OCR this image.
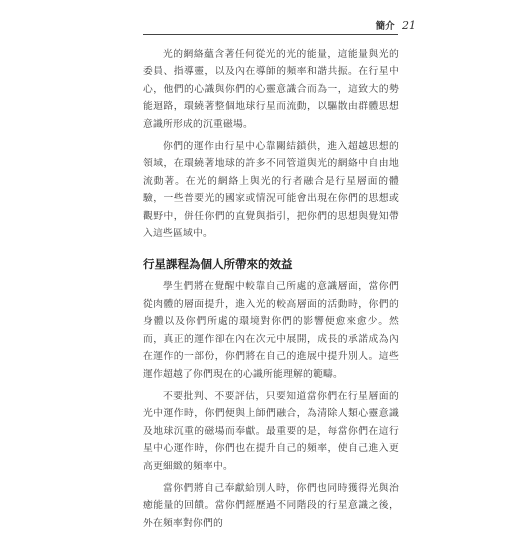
簡介 21

光的網絡蘊含著任何從光的光的能量，這能量與光的委員、指導靈，以及內在導師的頻率和諧共振。在行星中心，他們的心識與你們的心靈意識合而為一，這致大的勢能迴路，環繞著整個地球行星而流動，以驅散由群體思想意識所形成的沉重磁場。

你們的運作由行星中心靠關結鎖供，進入超越思想的領域，在環繞著地球的許多不同管道與光的網絡中自由地流動著。在光的網絡上與光的行者融合是行星層面的體驗，一些普要光的國家或情況可能會出現在你們的思想或觀野中，併任你們的直覺與指引，把你們的思想與覺知帶入這些區域中。

行星課程為個人所帶來的效益

學生們將在覺醒中較靠自己所處的意識層面，當你們從肉體的層面提升，進入光的較高層面的活動時，你們的身體以及你們所處的環境對你們的影響便愈來愈少。然而，真正的運作卻在內在次元中展開，成長的承諾成為內在運作的一部份，你們將在自己的進展中提升別人。這些運作超越了你們現在的心識所能理解的範疇。

不要批判、不要評估，只要知道當你們在行星層面的光中運作時，你們便與上師們融合，為清除人類心靈意識及地球沉重的磁場而奉獻。最重要的是，每當你們在這行星中心運作時，你們也在提升自己的頻率，使自己進入更高更細緻的頻率中。

當你們將自己奉獻給別人時，你們也同時獲得光與治癒能量的回饋。當你們經歷過不同階段的行星意識之後，外在頻率對你們的
